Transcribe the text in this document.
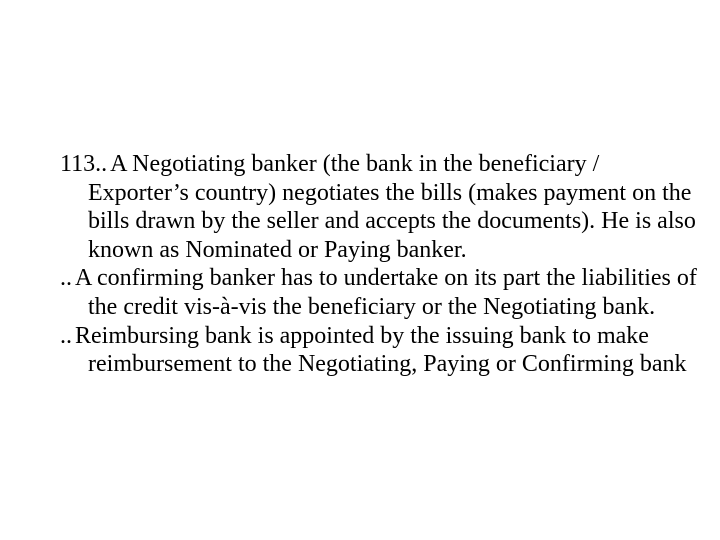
113.. A Negotiating banker (the bank in the beneficiary / Exporter’s country) negotiates the bills (makes payment on the bills drawn by the seller and accepts the documents). He is also known as Nominated or Paying banker.

.. A confirming banker has to undertake on its part the liabilities of the credit vis-à-vis the beneficiary or the Negotiating bank.

.. Reimbursing bank is appointed by the issuing bank to make reimbursement to the Negotiating, Paying or Confirming bank
